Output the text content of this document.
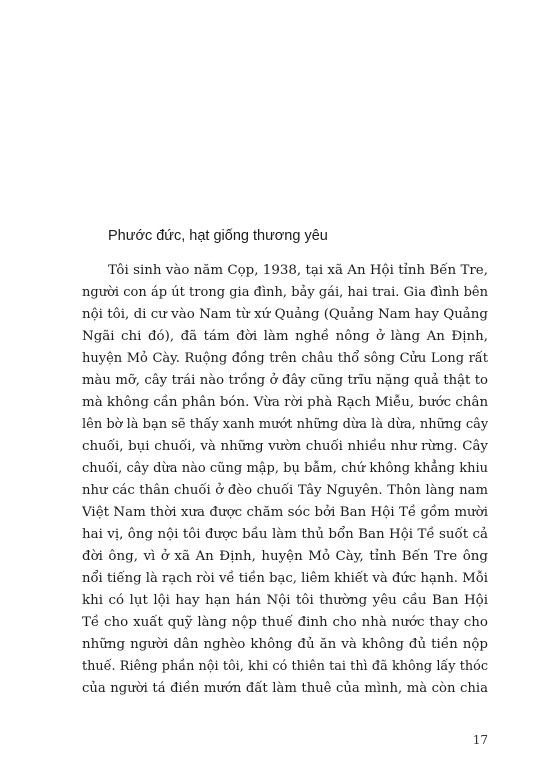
Phước đức, hạt giống thương yêu
Tôi sinh vào năm Cọp, 1938, tại xã An Hội tỉnh Bến Tre,
người con áp út trong gia đình, bảy gái, hai trai. Gia đình bên
nội tôi, di cư vào Nam từ xứ Quảng (Quảng Nam hay Quảng
Ngãi chi đó), đã tám đời làm nghề nông ở làng An Định,
huyện Mỏ Cày. Ruộng đồng trên châu thổ sông Cửu Long rất
màu mỡ, cây trái nào trồng ở đây cũng trĩu nặng quả thật to
mà không cần phân bón. Vừa rời phà Rạch Miễu, bước chân
lên bờ là bạn sẽ thấy xanh mướt những dừa là dừa, những cây
chuối, bụi chuối, và những vườn chuối nhiều như rừng. Cây
chuối, cây dừa nào cũng mập, bụ bẫm, chứ không khẳng khiu
như các thân chuối ở đèo chuối Tây Nguyên. Thôn làng nam
Việt Nam thời xưa được chăm sóc bởi Ban Hội Tề gồm mười
hai vị, ông nội tôi được bầu làm thủ bổn Ban Hội Tề suốt cả
đời ông, vì ở xã An Định, huyện Mỏ Cày, tỉnh Bến Tre ông
nổi tiếng là rạch ròi về tiền bạc, liêm khiết và đức hạnh. Mỗi
khi có lụt lội hay hạn hán Nội tôi thường yêu cầu Ban Hội
Tề cho xuất quỹ làng nộp thuế đinh cho nhà nước thay cho
những người dân nghèo không đủ ăn và không đủ tiền nộp
thuế. Riêng phần nội tôi, khi có thiên tai thì đã không lấy thóc
của người tá điền mướn đất làm thuê của mình, mà còn chia
17
